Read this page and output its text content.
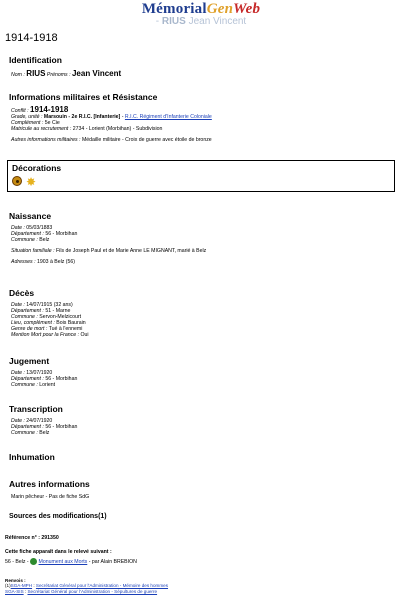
MémorialGenWeb
- RIUS Jean Vincent
1914-1918
Identification
Nom : RIUS Prénoms : Jean Vincent
Informations militaires et Résistance
Conflit : 1914-1918
Grade, unité : Marsouin - 2e R.I.C. [Infanterie] - R.I.C. Régiment d'Infanterie Coloniale
Complément : 5e Cie
Matricule au recrutement : 2734 - Lorient (Morbihan) - Subdivision
Autres informations militaires : Médaille militaire - Croix de guerre avec étoile de bronze
Décorations
✸
Naissance
Date : 05/03/1883
Département : 56 - Morbihan
Commune : Belz
Situation familiale : Fils de Joseph Paul et de Marie Anne LE MIGNANT, marié à Belz
Adresses : 1903 à Belz (56)
Décès
Date : 14/07/1915 (32 ans)
Département : 51 - Marne
Commune : Servon-Melzicourt
Lieu, complément : Bois Baurain
Genre de mort : Tué à l'ennemi
Mention Mort pour la France : Oui
Jugement
Date : 13/07/1920
Département : 56 - Morbihan
Commune : Lorient
Transcription
Date : 24/07/1920
Département : 56 - Morbihan
Commune : Belz
Inhumation
Autres informations
Marin pêcheur - Pas de fiche SdG
Sources des modifications(1)
Référence n° : 291350
Cette fiche apparaît dans le relevé suivant :
56 - Belz -  Monument aux Morts - par Alain BREBION
Renvois :
(1)SGA-MPH : Secrétariat Général pour l'Administration - Mémoire des hommes
SGA-SIS : Secrétariat Général pour l'Administration - Sépultures de guerre
